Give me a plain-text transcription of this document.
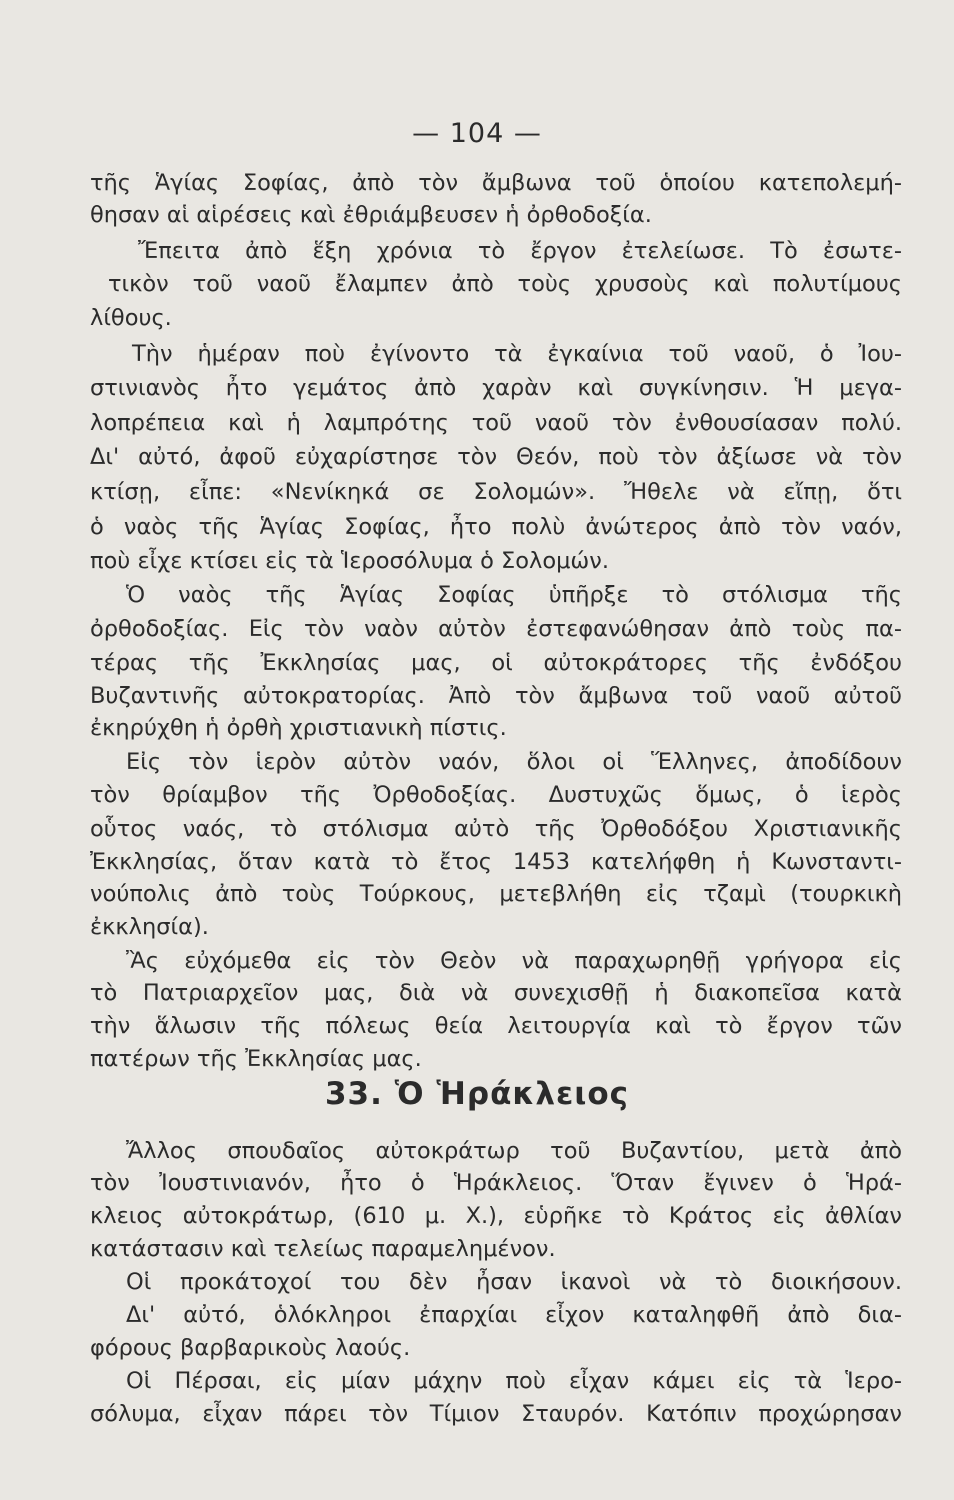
— 104 —
τῆς Ἁγίας Σοφίας, ἀπὸ τὸν ἄμβωνα τοῦ ὁποίου κατεπολεμή-
θησαν αἱ αἱρέσεις καὶ ἐθριάμβευσεν ἡ ὀρθοδοξία.
Ἔπειτα ἀπὸ ἕξη χρόνια τὸ ἔργον ἐτελείωσε. Τὸ ἐσωτε-
τικὸν τοῦ ναοῦ ἔλαμπεν ἀπὸ τοὺς χρυσοὺς καὶ πολυτίμους
λίθους.
Τὴν ἡμέραν ποὺ ἐγίνοντο τὰ ἐγκαίνια τοῦ ναοῦ, ὁ Ἰου-
στινιανὸς ἦτο γεμάτος ἀπὸ χαρὰν καὶ συγκίνησιν. Ἡ μεγα-
λοπρέπεια καὶ ἡ λαμπρότης τοῦ ναοῦ τὸν ἐνθουσίασαν πολύ.
Δι' αὐτό, ἀφοῦ εὐχαρίστησε τὸν Θεόν, ποὺ τὸν ἀξίωσε νὰ τὸν
κτίσῃ, εἶπε: «Νενίκηκά σε Σολομών». Ἤθελε νὰ εἴπῃ, ὅτι
ὁ ναὸς τῆς Ἁγίας Σοφίας, ἦτο πολὺ ἀνώτερος ἀπὸ τὸν ναόν,
ποὺ εἶχε κτίσει εἰς τὰ Ἱεροσόλυμα ὁ Σολομών.
Ὁ ναὸς τῆς Ἁγίας Σοφίας ὑπῆρξε τὸ στόλισμα τῆς
ὀρθοδοξίας. Εἰς τὸν ναὸν αὐτὸν ἐστεφανώθησαν ἀπὸ τοὺς πα-
τέρας τῆς Ἐκκλησίας μας, οἱ αὐτοκράτορες τῆς ἐνδόξου
Βυζαντινῆς αὐτοκρατορίας. Ἀπὸ τὸν ἄμβωνα τοῦ ναοῦ αὐτοῦ
ἐκηρύχθη ἡ ὀρθὴ χριστιανικὴ πίστις.
Εἰς τὸν ἱερὸν αὐτὸν ναόν, ὅλοι οἱ Ἕλληνες, ἀποδίδουν
τὸν θρίαμβον τῆς Ὀρθοδοξίας. Δυστυχῶς ὅμως, ὁ ἱερὸς
οὗτος ναός, τὸ στόλισμα αὐτὸ τῆς Ὀρθοδόξου Χριστιανικῆς
Ἐκκλησίας, ὅταν κατὰ τὸ ἔτος 1453 κατελήφθη ἡ Κωνσταντι-
νούπολις ἀπὸ τοὺς Τούρκους, μετεβλήθη εἰς τζαμὶ (τουρκικὴ
ἐκκλησία).
Ἂς εὐχόμεθα εἰς τὸν Θεὸν νὰ παραχωρηθῇ γρήγορα εἰς
τὸ Πατριαρχεῖον μας, διὰ νὰ συνεχισθῇ ἡ διακοπεῖσα κατὰ
τὴν ἅλωσιν τῆς πόλεως θεία λειτουργία καὶ τὸ ἔργον τῶν
πατέρων τῆς Ἐκκλησίας μας.
33. Ὁ Ἡράκλειος
Ἄλλος σπουδαῖος αὐτοκράτωρ τοῦ Βυζαντίου, μετὰ ἀπὸ
τὸν Ἰουστινιανόν, ἦτο ὁ Ἡράκλειος. Ὅταν ἔγινεν ὁ Ἡρά-
κλειος αὐτοκράτωρ, (610 μ. Χ.), εὑρῆκε τὸ Κράτος εἰς ἀθλίαν
κατάστασιν καὶ τελείως παραμελημένον.
Οἱ προκάτοχοί του δὲν ἦσαν ἱκανοὶ νὰ τὸ διοικήσουν.
Δι' αὐτό, ὁλόκληροι ἐπαρχίαι εἶχον καταληφθῆ ἀπὸ δια-
φόρους βαρβαρικοὺς λαούς.
Οἱ Πέρσαι, εἰς μίαν μάχην ποὺ εἶχαν κάμει εἰς τὰ Ἱερο-
σόλυμα, εἶχαν πάρει τὸν Τίμιον Σταυρόν. Κατόπιν προχώρησαν
